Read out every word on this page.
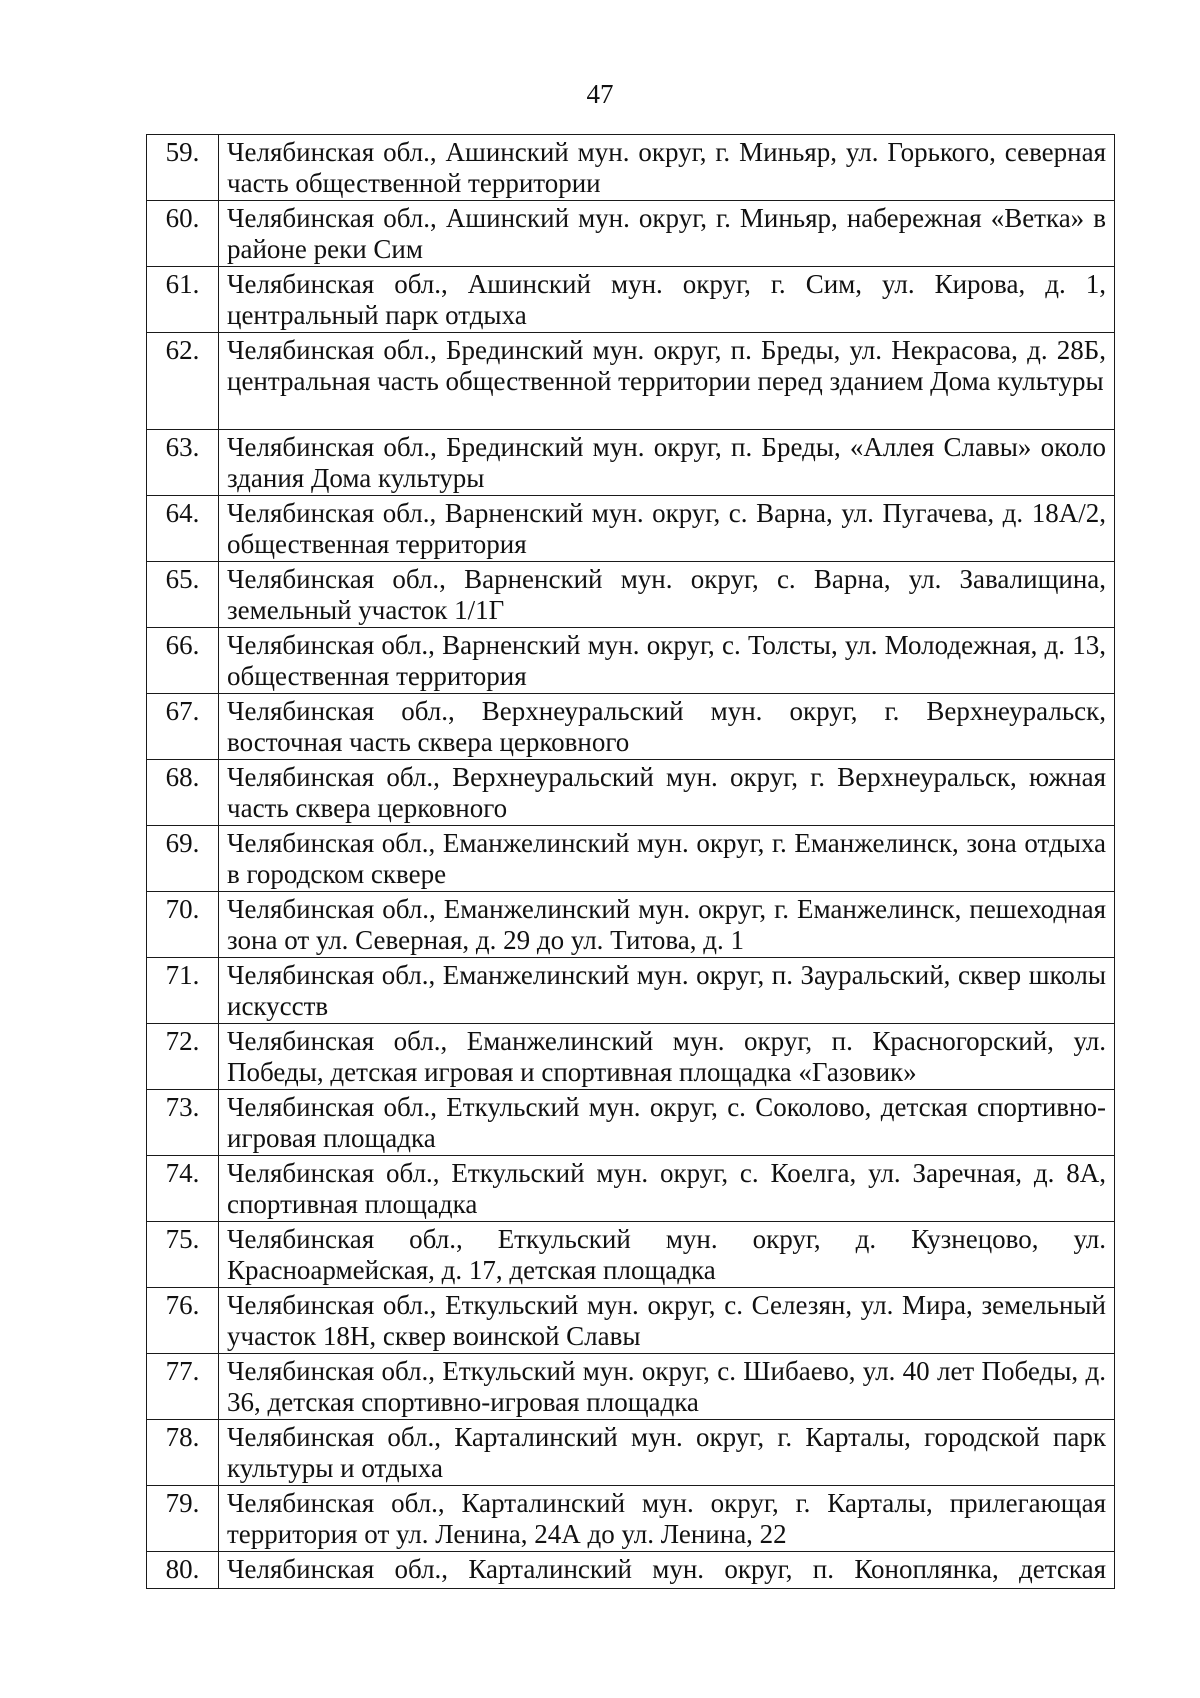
47
59.	Челябинская обл., Ашинский мун. округ, г. Миньяр, ул. Горького, северная часть общественной территории
60.	Челябинская обл., Ашинский мун. округ, г. Миньяр, набережная «Ветка» в районе реки Сим
61.	Челябинская обл., Ашинский мун. округ, г. Сим, ул. Кирова, д. 1, центральный парк отдыха
62.	Челябинская обл., Брединский мун. округ, п. Бреды, ул. Некрасова, д. 28Б, центральная часть общественной территории перед зданием Дома культуры
63.	Челябинская обл., Брединский мун. округ, п. Бреды, «Аллея Славы» около здания Дома культуры
64.	Челябинская обл., Варненский мун. округ, с. Варна, ул. Пугачева, д. 18А/2, общественная территория
65.	Челябинская обл., Варненский мун. округ, с. Варна, ул. Завалищина, земельный участок 1/1Г
66.	Челябинская обл., Варненский мун. округ, с. Толсты, ул. Молодежная, д. 13, общественная территория
67.	Челябинская обл., Верхнеуральский мун. округ, г. Верхнеуральск, восточная часть сквера церковного
68.	Челябинская обл., Верхнеуральский мун. округ, г. Верхнеуральск, южная часть сквера церковного
69.	Челябинская обл., Еманжелинский мун. округ, г. Еманжелинск, зона отдыха в городском сквере
70.	Челябинская обл., Еманжелинский мун. округ, г. Еманжелинск, пешеходная зона от ул. Северная, д. 29 до ул. Титова, д. 1
71.	Челябинская обл., Еманжелинский мун. округ, п. Зауральский, сквер школы искусств
72.	Челябинская обл., Еманжелинский мун. округ, п. Красногорский, ул. Победы, детская игровая и спортивная площадка «Газовик»
73.	Челябинская обл., Еткульский мун. округ, с. Соколово, детская спортивно-игровая площадка
74.	Челябинская обл., Еткульский мун. округ, с. Коелга, ул. Заречная, д. 8А, спортивная площадка
75.	Челябинская обл., Еткульский мун. округ, д. Кузнецово, ул. Красноармейская, д. 17, детская площадка
76.	Челябинская обл., Еткульский мун. округ, с. Селезян, ул. Мира, земельный участок 18Н, сквер воинской Славы
77.	Челябинская обл., Еткульский мун. округ, с. Шибаево, ул. 40 лет Победы, д. 36, детская спортивно-игровая площадка
78.	Челябинская обл., Карталинский мун. округ, г. Карталы, городской парк культуры и отдыха
79.	Челябинская обл., Карталинский мун. округ, г. Карталы, прилегающая территория от ул. Ленина, 24А до ул. Ленина, 22
80.	Челябинская обл., Карталинский мун. округ, п. Коноплянка, детская
